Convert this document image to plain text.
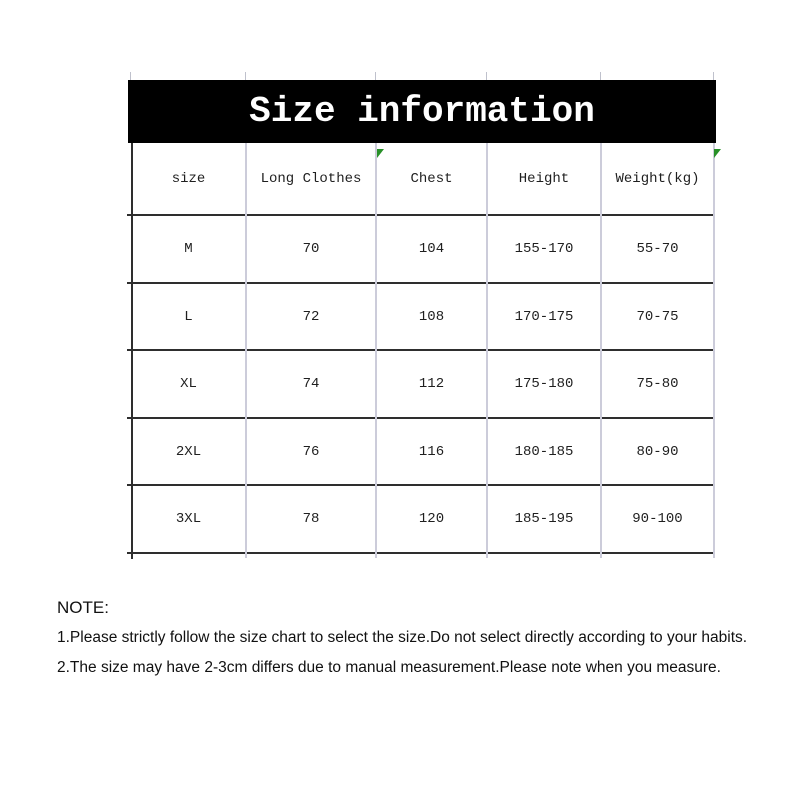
Size information
size	Long Clothes	Chest	Height	Weight(kg)
M	70	104	155-170	55-70
L	72	108	170-175	70-75
XL	74	112	175-180	75-80
2XL	76	116	180-185	80-90
3XL	78	120	185-195	90-100

NOTE:

1.Please strictly follow the size chart to select the size.Do not select directly according to your habits.

2.The size may have 2-3cm differs due to manual measurement.Please note when you measure.
